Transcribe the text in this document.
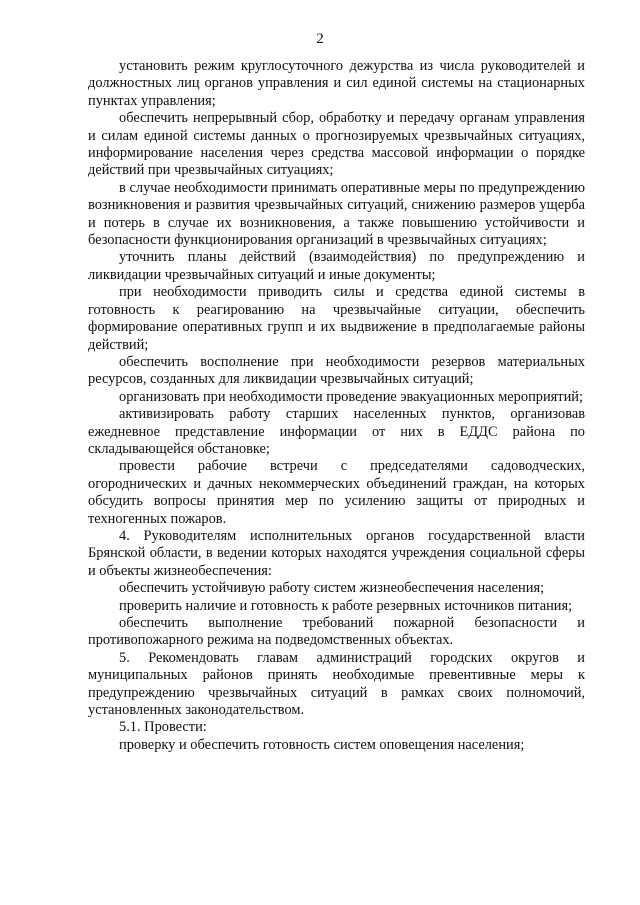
2

установить режим круглосуточного дежурства из числа руководителей и должностных лиц органов управления и сил единой системы на стационарных пунктах управления;

обеспечить непрерывный сбор, обработку и передачу органам управления и силам единой системы данных о прогнозируемых чрезвычайных ситуациях, информирование населения через средства массовой информации о порядке действий при чрезвычайных ситуациях;

в случае необходимости принимать оперативные меры по предупреждению возникновения и развития чрезвычайных ситуаций, снижению размеров ущерба и потерь в случае их возникновения, а также повышению устойчивости и безопасности функционирования организаций в чрезвычайных ситуациях;

уточнить планы действий (взаимодействия) по предупреждению и ликвидации чрезвычайных ситуаций и иные документы;

при необходимости приводить силы и средства единой системы в готовность к реагированию на чрезвычайные ситуации, обеспечить формирование оперативных групп и их выдвижение в предполагаемые районы действий;

обеспечить восполнение при необходимости резервов материальных ресурсов, созданных для ликвидации чрезвычайных ситуаций;

организовать при необходимости проведение эвакуационных мероприятий;

активизировать работу старших населенных пунктов, организовав ежедневное представление информации от них в ЕДДС района по складывающейся обстановке;

провести рабочие встречи с председателями садоводческих, огороднических и дачных некоммерческих объединений граждан, на которых обсудить вопросы принятия мер по усилению защиты от природных и техногенных пожаров.

4. Руководителям исполнительных органов государственной власти Брянской области, в ведении которых находятся учреждения социальной сферы и объекты жизнеобеспечения:

обеспечить устойчивую работу систем жизнеобеспечения населения;

проверить наличие и готовность к работе резервных источников питания;

обеспечить выполнение требований пожарной безопасности и противопожарного режима на подведомственных объектах.

5. Рекомендовать главам администраций городских округов и муниципальных районов принять необходимые превентивные меры к предупреждению чрезвычайных ситуаций в рамках своих полномочий, установленных законодательством.

5.1. Провести:

проверку и обеспечить готовность систем оповещения населения;
